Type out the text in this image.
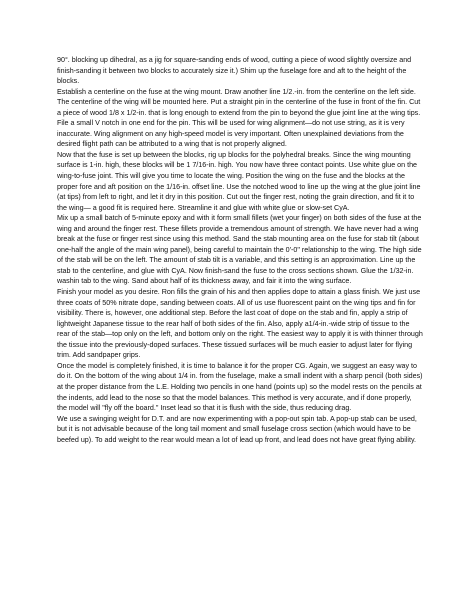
90°. blocking up dihedral, as a jig for square-sanding ends of wood, cutting a piece of wood slightly oversize and finish-sanding it between two blocks to accurately size it.) Shim up the fuselage fore and aft to the height of the blocks.

Establish a centerline on the fuse at the wing mount. Draw another line 1/2.-in. from the centerline on the left side. The centerline of the wing will be mounted here. Put a straight pin in the centerline of the fuse in front of the fin. Cut a piece of wood 1/8 x 1/2-in. that is long enough to extend from the pin to beyond the glue joint line at the wing tips. File a small V notch in one end for the pin. This will be used for wing alignment—do not use string, as it is very inaccurate. Wing alignment on any high-speed model is very important. Often unexplained deviations from the desired flight path can be attributed to a wing that is not properly aligned.

Now that the fuse is set up between the blocks, rig up blocks for the polyhedral breaks. Since the wing mounting surface is 1-in. high, these blocks will be 1 7/16-in. high. You now have three contact points. Use white glue on the wing-to-fuse joint. This will give you time to locate the wing. Position the wing on the fuse and the blocks at the proper fore and aft position on the 1/16-in. offset line. Use the notched wood to line up the wing at the glue joint line (at tips) from left to right, and let it dry in this position. Cut out the finger rest, noting the grain direction, and fit it to the wing— a good fit is required here. Streamline it and glue with white glue or slow-set CyA.

Mix up a small batch of 5-minute epoxy and with it form small fillets (wet your finger) on both sides of the fuse at the wing and around the finger rest. These fillets provide a tremendous amount of strength. We have never had a wing break at the fuse or finger rest since using this method. Sand the stab mounting area on the fuse for stab tilt (about one-half the angle of the main wing panel), being careful to maintain the 0'-0" relationship to the wing. The high side of the stab will be on the left. The amount of stab tilt is a variable, and this setting is an approximation. Line up the stab to the centerline, and glue with CyA. Now finish-sand the fuse to the cross sections shown. Glue the 1/32-in. washin tab to the wing. Sand about half of its thickness away, and fair it into the wing surface.

Finish your model as you desire. Ron fills the grain of his and then applies dope to attain a glass finish. We just use three coats of 50% nitrate dope, sanding between coats. All of us use fluorescent paint on the wing tips and fin for visibility. There is, however, one additional step. Before the last coat of dope on the stab and fin, apply a strip of lightweight Japanese tissue to the rear half of both sides of the fin. Also, apply a1/4-in.-wide strip of tissue to the rear of the stab—top only on the left, and bottom only on the right. The easiest way to apply it is with thinner through the tissue into the previously-doped surfaces. These tissued surfaces will be much easier to adjust later for flying trim. Add sandpaper grips.

Once the model is completely finished, it is time to balance it for the proper CG. Again, we suggest an easy way to do it. On the bottom of the wing about 1/4 in. from the fuselage, make a small indent with a sharp pencil (both sides) at the proper distance from the L.E. Holding two pencils in one hand (points up) so the model rests on the pencils at the indents, add lead to the nose so that the model balances. This method is very accurate, and if done properly, the model will "fly off the board." Inset lead so that it is flush with the side, thus reducing drag.

We use a swinging weight for D.T. and are now experimenting with a pop-out spin tab. A pop-up stab can be used, but it is not advisable because of the long tail moment and small fuselage cross section (which would have to be beefed up). To add weight to the rear would mean a lot of lead up front, and lead does not have great flying ability.
